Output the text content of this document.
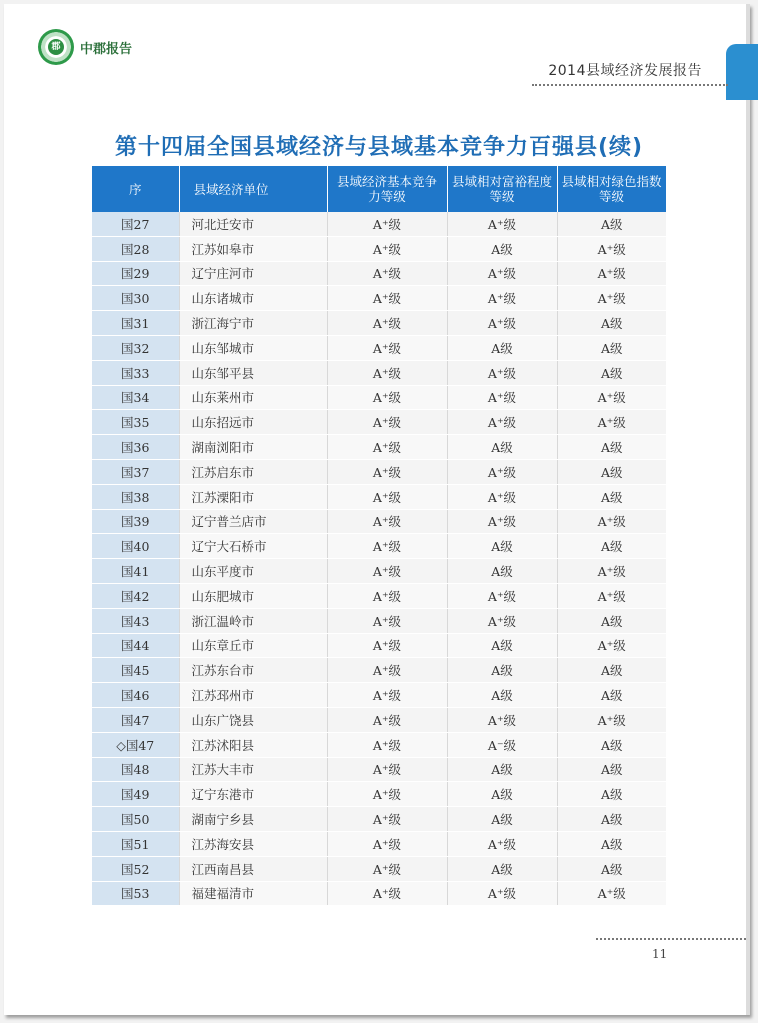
郡 中郡报告
2014县域经济发展报告
第十四届全国县域经济与县域基本竞争力百强县(续)
序	县域经济单位	县域经济基本竞争力等级	县域相对富裕程度等级	县域相对绿色指数等级
国27	河北迁安市	A⁺级	A⁺级	A级
国28	江苏如皋市	A⁺级	A级	A⁺级
国29	辽宁庄河市	A⁺级	A⁺级	A⁺级
国30	山东诸城市	A⁺级	A⁺级	A⁺级
国31	浙江海宁市	A⁺级	A⁺级	A级
国32	山东邹城市	A⁺级	A级	A级
国33	山东邹平县	A⁺级	A⁺级	A级
国34	山东莱州市	A⁺级	A⁺级	A⁺级
国35	山东招远市	A⁺级	A⁺级	A⁺级
国36	湖南浏阳市	A⁺级	A级	A级
国37	江苏启东市	A⁺级	A⁺级	A级
国38	江苏溧阳市	A⁺级	A⁺级	A级
国39	辽宁普兰店市	A⁺级	A⁺级	A⁺级
国40	辽宁大石桥市	A⁺级	A级	A级
国41	山东平度市	A⁺级	A级	A⁺级
国42	山东肥城市	A⁺级	A⁺级	A⁺级
国43	浙江温岭市	A⁺级	A⁺级	A级
国44	山东章丘市	A⁺级	A级	A⁺级
国45	江苏东台市	A⁺级	A级	A级
国46	江苏邳州市	A⁺级	A级	A级
国47	山东广饶县	A⁺级	A⁺级	A⁺级
◇国47	江苏沭阳县	A⁺级	A⁻级	A级
国48	江苏大丰市	A⁺级	A级	A级
国49	辽宁东港市	A⁺级	A级	A级
国50	湖南宁乡县	A⁺级	A级	A级
国51	江苏海安县	A⁺级	A⁺级	A级
国52	江西南昌县	A⁺级	A级	A级
国53	福建福清市	A⁺级	A⁺级	A⁺级
11
